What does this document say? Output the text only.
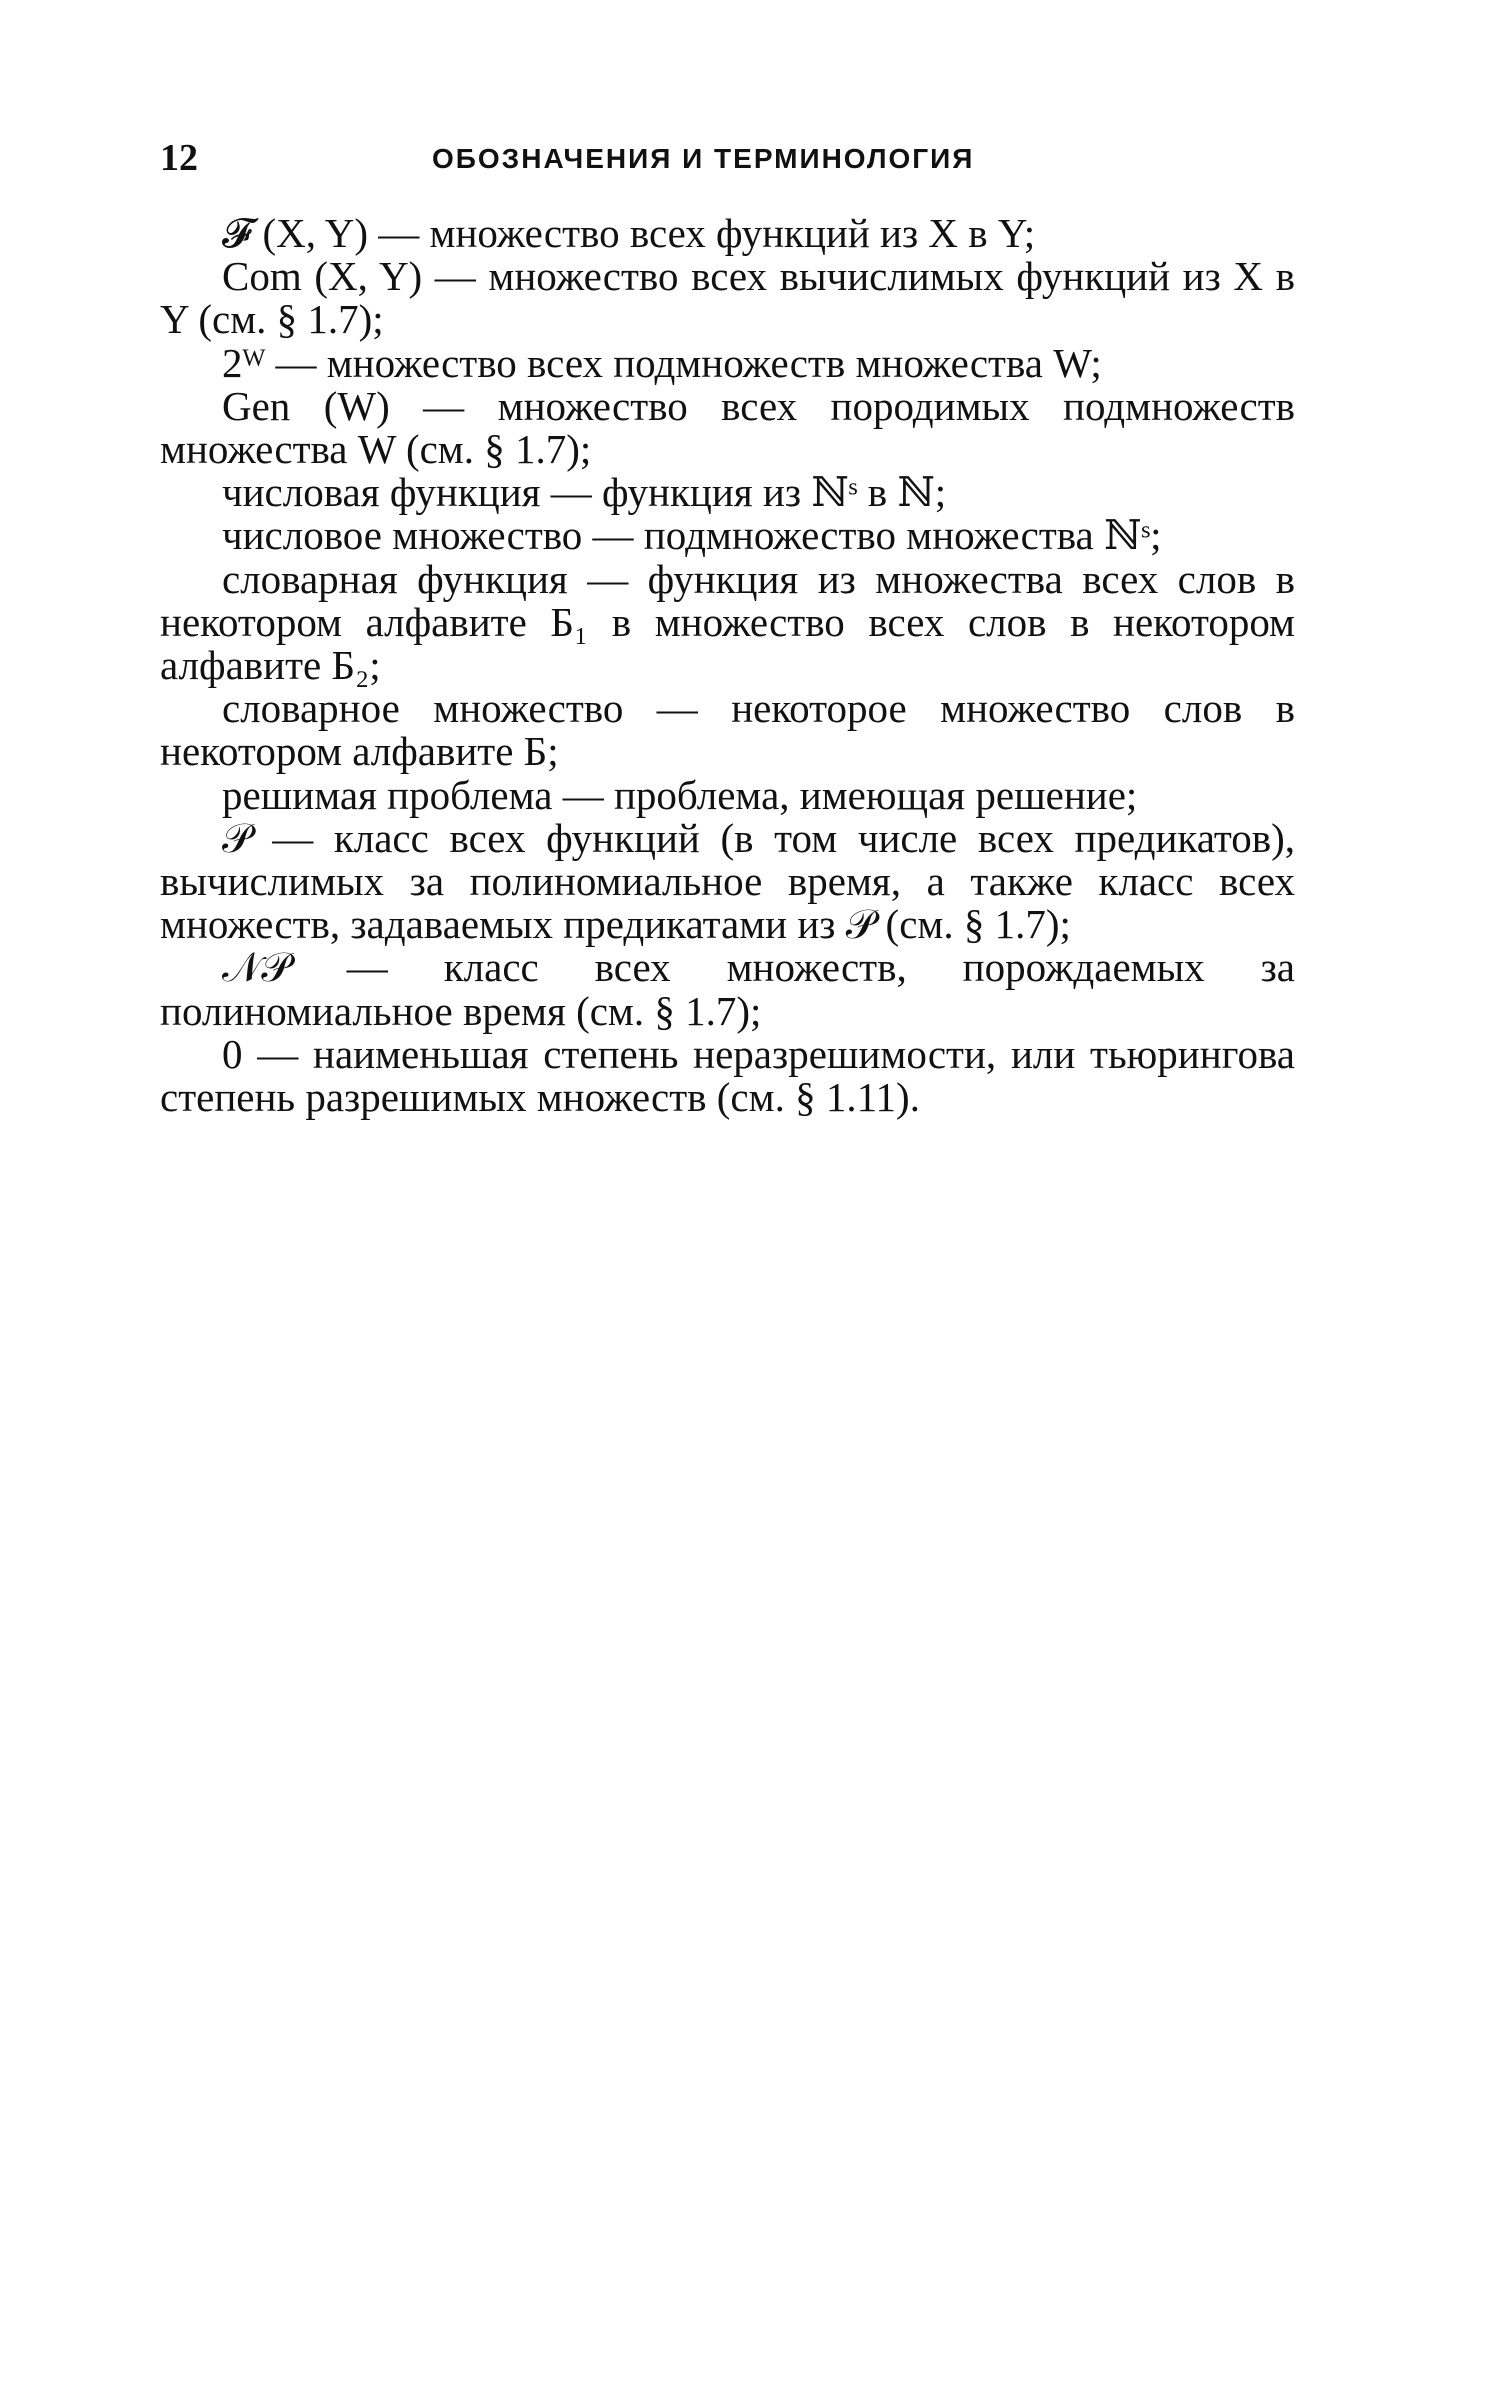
12	ОБОЗНАЧЕНИЯ И ТЕРМИНОЛОГИЯ

𝓕 (X, Y) — множество всех функций из X в Y;

Com (X, Y) — множество всех вычислимых функций из X в Y (см. § 1.7);

2ᵂ — множество всех подмножеств множества W;

Gen (W) — множество всех породимых подмножеств множества W (см. § 1.7);

числовая функция — функция из ℕˢ в ℕ;

числовое множество — подмножество множества ℕˢ;

словарная функция — функция из множества всех слов в некотором алфавите Б₁ в множество всех слов в некотором алфавите Б₂;

словарное множество — некоторое множество слов в некотором алфавите Б;

решимая проблема — проблема, имеющая решение;

𝒫 — класс всех функций (в том числе всех предикатов), вычислимых за полиномиальное время, а также класс всех множеств, задаваемых предикатами из 𝒫 (см. § 1.7);

𝒩𝒫 — класс всех множеств, порождаемых за полиномиальное время (см. § 1.7);

0 — наименьшая степень неразрешимости, или тьюрингова степень разрешимых множеств (см. § 1.11).
